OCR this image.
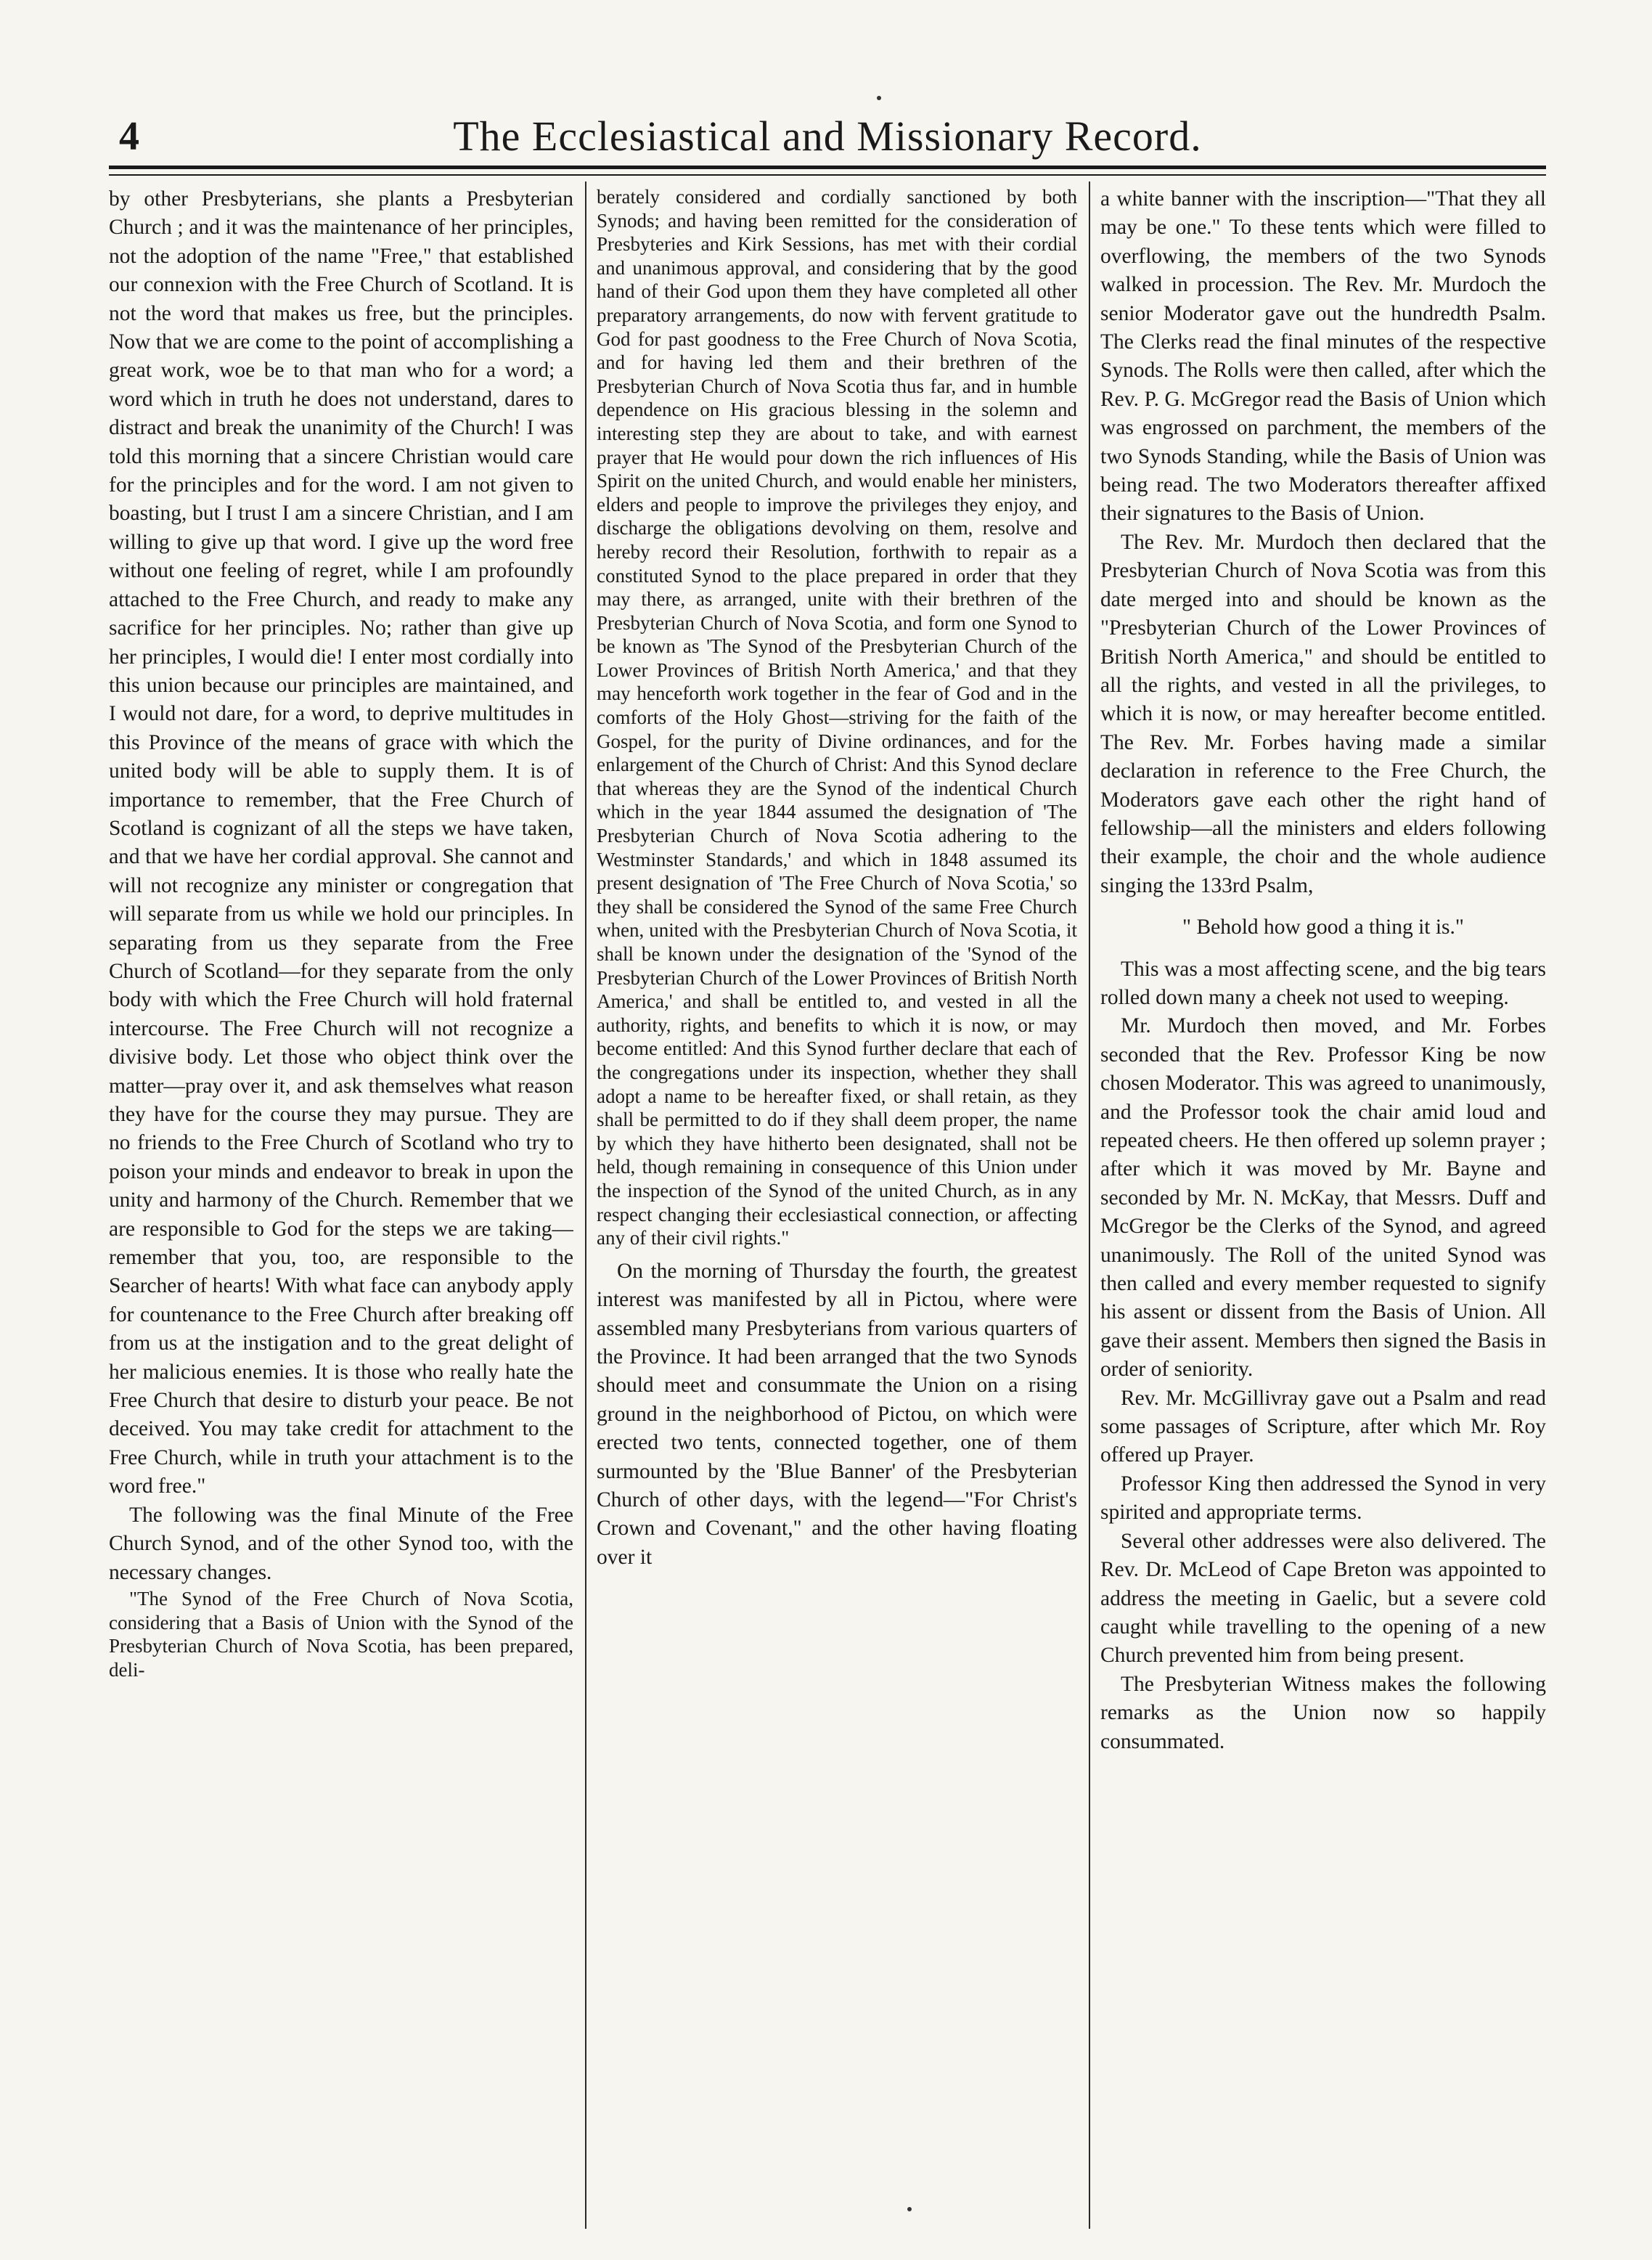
4	The Ecclesiastical and Missionary Record.

by other Presbyterians, she plants a Presbyterian Church ; and it was the maintenance of her principles, not the adoption of the name "Free," that established our connexion with the Free Church of Scotland. It is not the word that makes us free, but the principles. Now that we are come to the point of accomplishing a great work, woe be to that man who for a word; a word which in truth he does not understand, dares to distract and break the unanimity of the Church! I was told this morning that a sincere Christian would care for the principles and for the word. I am not given to boasting, but I trust I am a sincere Christian, and I am willing to give up that word. I give up the word free without one feeling of regret, while I am profoundly attached to the Free Church, and ready to make any sacrifice for her principles. No; rather than give up her principles, I would die! I enter most cordially into this union because our principles are maintained, and I would not dare, for a word, to deprive multitudes in this Province of the means of grace with which the united body will be able to supply them. It is of importance to remember, that the Free Church of Scotland is cognizant of all the steps we have taken, and that we have her cordial approval. She cannot and will not recognize any minister or congregation that will separate from us while we hold our principles. In separating from us they separate from the Free Church of Scotland—for they separate from the only body with which the Free Church will hold fraternal intercourse. The Free Church will not recognize a divisive body. Let those who object think over the matter—pray over it, and ask themselves what reason they have for the course they may pursue. They are no friends to the Free Church of Scotland who try to poison your minds and endeavor to break in upon the unity and harmony of the Church. Remember that we are responsible to God for the steps we are taking—remember that you, too, are responsible to the Searcher of hearts! With what face can anybody apply for countenance to the Free Church after breaking off from us at the instigation and to the great delight of her malicious enemies. It is those who really hate the Free Church that desire to disturb your peace. Be not deceived. You may take credit for attachment to the Free Church, while in truth your attachment is to the word free."

The following was the final Minute of the Free Church Synod, and of the other Synod too, with the necessary changes.

"The Synod of the Free Church of Nova Scotia, considering that a Basis of Union with the Synod of the Presbyterian Church of Nova Scotia, has been prepared, deli-

berately considered and cordially sanctioned by both Synods; and having been remitted for the consideration of Presbyteries and Kirk Sessions, has met with their cordial and unanimous approval, and considering that by the good hand of their God upon them they have completed all other preparatory arrangements, do now with fervent gratitude to God for past goodness to the Free Church of Nova Scotia, and for having led them and their brethren of the Presbyterian Church of Nova Scotia thus far, and in humble dependence on His gracious blessing in the solemn and interesting step they are about to take, and with earnest prayer that He would pour down the rich influences of His Spirit on the united Church, and would enable her ministers, elders and people to improve the privileges they enjoy, and discharge the obligations devolving on them, resolve and hereby record their Resolution, forthwith to repair as a constituted Synod to the place prepared in order that they may there, as arranged, unite with their brethren of the Presbyterian Church of Nova Scotia, and form one Synod to be known as 'The Synod of the Presbyterian Church of the Lower Provinces of British North America,' and that they may henceforth work together in the fear of God and in the comforts of the Holy Ghost—striving for the faith of the Gospel, for the purity of Divine ordinances, and for the enlargement of the Church of Christ: And this Synod declare that whereas they are the Synod of the indentical Church which in the year 1844 assumed the designation of 'The Presbyterian Church of Nova Scotia adhering to the Westminster Standards,' and which in 1848 assumed its present designation of 'The Free Church of Nova Scotia,' so they shall be considered the Synod of the same Free Church when, united with the Presbyterian Church of Nova Scotia, it shall be known under the designation of the 'Synod of the Presbyterian Church of the Lower Provinces of British North America,' and shall be entitled to, and vested in all the authority, rights, and benefits to which it is now, or may become entitled: And this Synod further declare that each of the congregations under its inspection, whether they shall adopt a name to be hereafter fixed, or shall retain, as they shall be permitted to do if they shall deem proper, the name by which they have hitherto been designated, shall not be held, though remaining in consequence of this Union under the inspection of the Synod of the united Church, as in any respect changing their ecclesiastical connection, or affecting any of their civil rights."

On the morning of Thursday the fourth, the greatest interest was manifested by all in Pictou, where were assembled many Presbyterians from various quarters of the Province. It had been arranged that the two Synods should meet and consummate the Union on a rising ground in the neighborhood of Pictou, on which were erected two tents, connected together, one of them surmounted by the 'Blue Banner' of the Presbyterian Church of other days, with the legend—"For Christ's Crown and Covenant," and the other having floating over it

a white banner with the inscription—"That they all may be one." To these tents which were filled to overflowing, the members of the two Synods walked in procession. The Rev. Mr. Murdoch the senior Moderator gave out the hundredth Psalm. The Clerks read the final minutes of the respective Synods. The Rolls were then called, after which the Rev. P. G. McGregor read the Basis of Union which was engrossed on parchment, the members of the two Synods Standing, while the Basis of Union was being read. The two Moderators thereafter affixed their signatures to the Basis of Union.

The Rev. Mr. Murdoch then declared that the Presbyterian Church of Nova Scotia was from this date merged into and should be known as the "Presbyterian Church of the Lower Provinces of British North America," and should be entitled to all the rights, and vested in all the privileges, to which it is now, or may hereafter become entitled. The Rev. Mr. Forbes having made a similar declaration in reference to the Free Church, the Moderators gave each other the right hand of fellowship—all the ministers and elders following their example, the choir and the whole audience singing the 133rd Psalm,

" Behold how good a thing it is."

This was a most affecting scene, and the big tears rolled down many a cheek not used to weeping.

Mr. Murdoch then moved, and Mr. Forbes seconded that the Rev. Professor King be now chosen Moderator. This was agreed to unanimously, and the Professor took the chair amid loud and repeated cheers. He then offered up solemn prayer ; after which it was moved by Mr. Bayne and seconded by Mr. N. McKay, that Messrs. Duff and McGregor be the Clerks of the Synod, and agreed unanimously. The Roll of the united Synod was then called and every member requested to signify his assent or dissent from the Basis of Union. All gave their assent. Members then signed the Basis in order of seniority.

Rev. Mr. McGillivray gave out a Psalm and read some passages of Scripture, after which Mr. Roy offered up Prayer.

Professor King then addressed the Synod in very spirited and appropriate terms.

Several other addresses were also delivered. The Rev. Dr. McLeod of Cape Breton was appointed to address the meeting in Gaelic, but a severe cold caught while travelling to the opening of a new Church prevented him from being present.

The Presbyterian Witness makes the following remarks as the Union now so happily consummated.
